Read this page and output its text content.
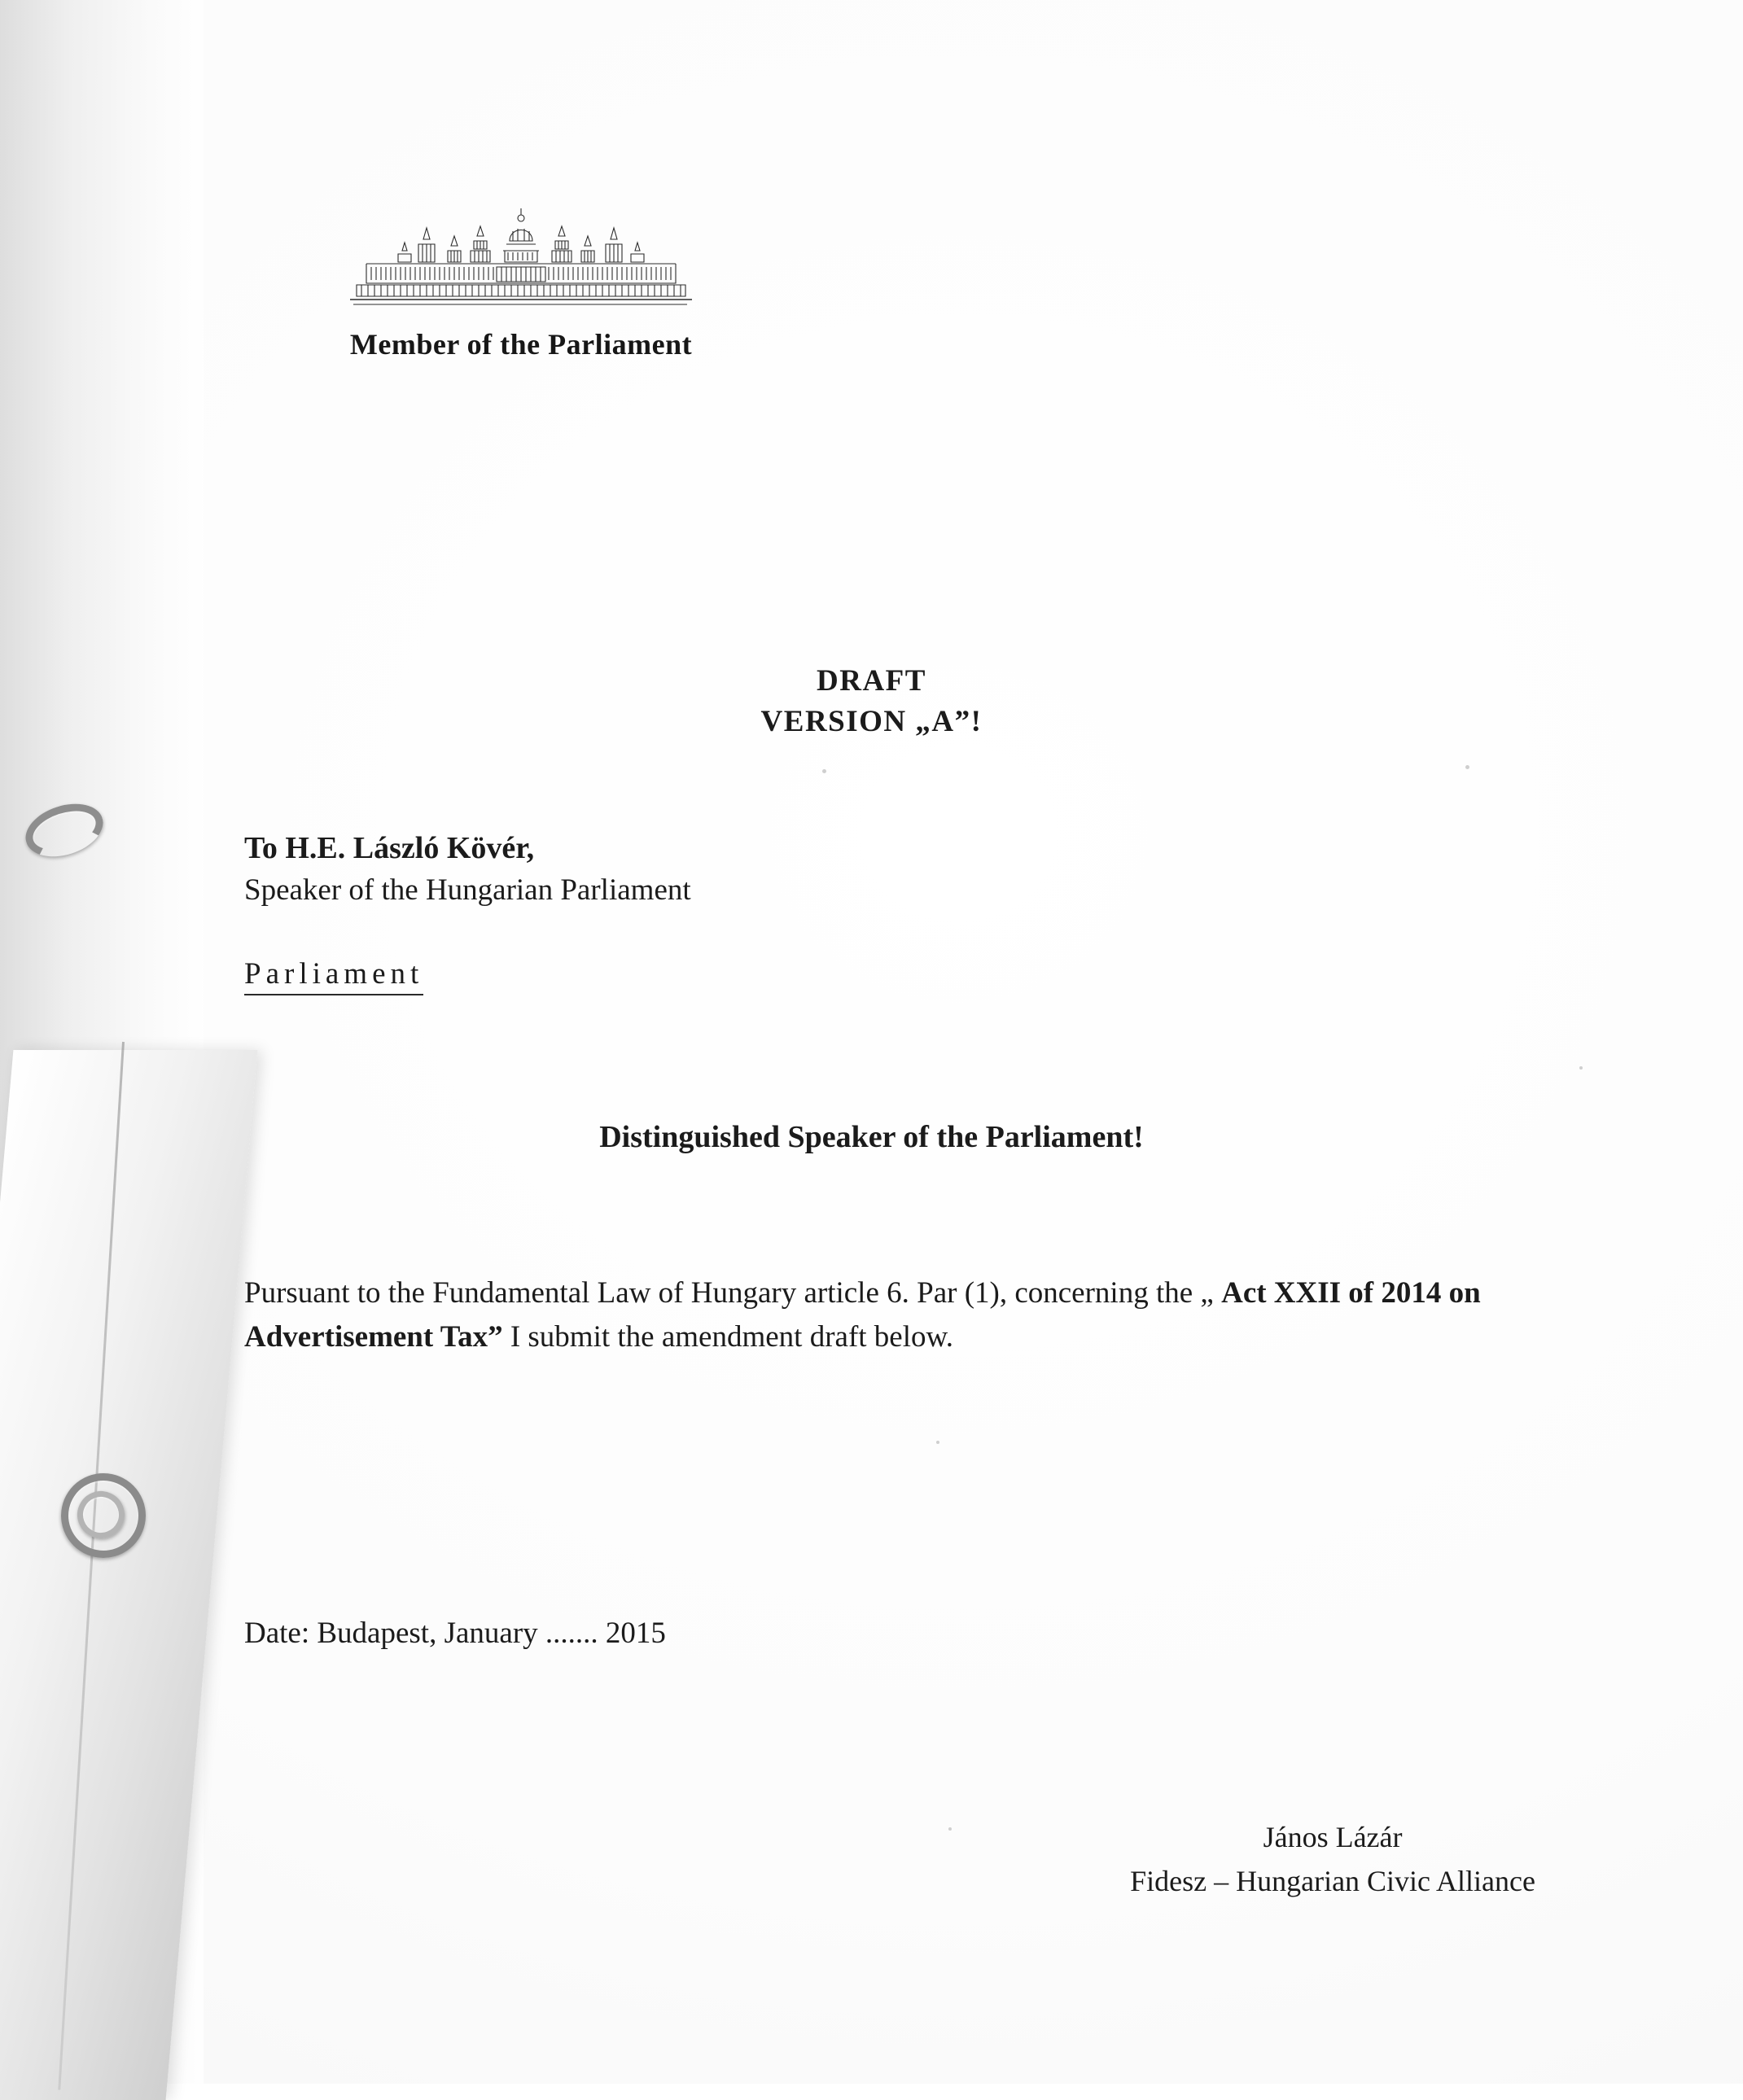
Member of the Parliament
DRAFT
VERSION „A”!
To H.E. László Kövér,
Speaker of the Hungarian Parliament
Parliament
Distinguished Speaker of the Parliament!

Pursuant to the Fundamental Law of Hungary article 6. Par (1), concerning the „ Act XXII of 2014 on Advertisement Tax” I submit the amendment draft below.

Date: Budapest, January ....... 2015
János Lázár
Fidesz – Hungarian Civic Alliance
